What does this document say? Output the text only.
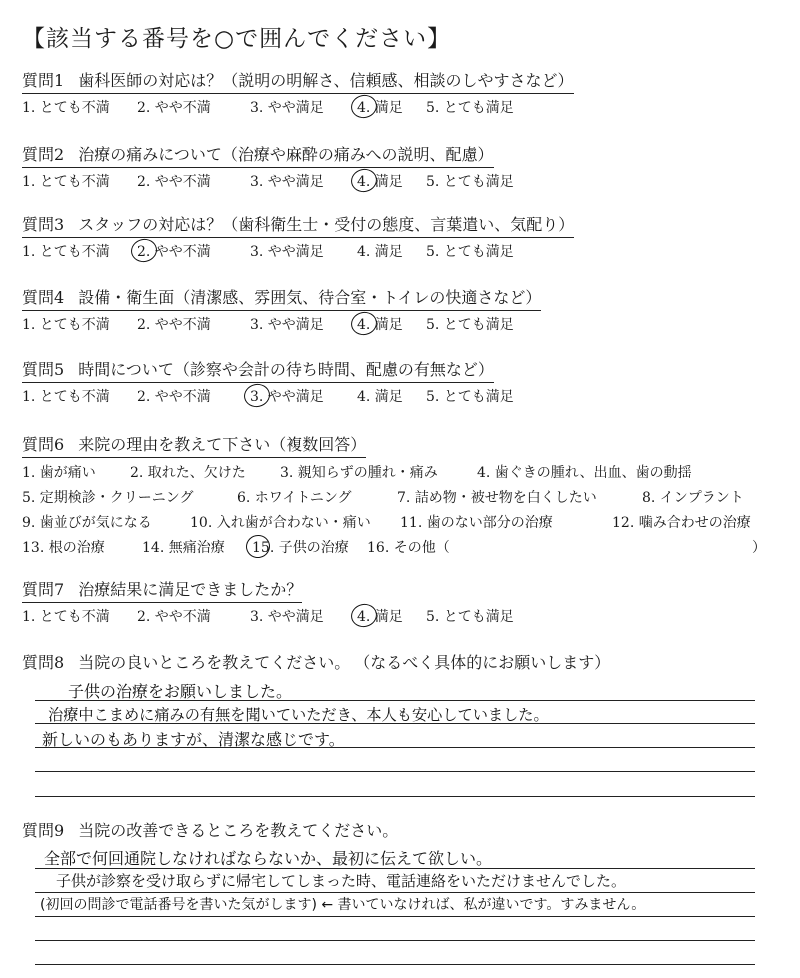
【該当する番号を○で囲んでください】
質問1 歯科医師の対応は？（説明の明解さ、信頼感、相談のしやすさなど）
1. とても不満 2. やや不満	3. やや満足 4. 満足 5. とても満足
質問2 治療の痛みについて（治療や麻酔の痛みへの説明、配慮）
1. とても不満 2. やや不満	3. やや満足 4. 満足 5. とても満足
質問3 スタッフの対応は？（歯科衛生士・受付の態度、言葉遣い、気配り）
1. とても不満 2. やや不満	3. やや満足 4. 満足 5. とても満足
質問4 設備・衛生面（清潔感、雰囲気、待合室・トイレの快適さなど）
1. とても不満 2. やや不満	3. やや満足 4. 満足 5. とても満足
質問5 時間について（診察や会計の待ち時間、配慮の有無など）
1. とても不満 2. やや不満	3. やや満足 4. 満足 5. とても満足
質問6 来院の理由を教えて下さい（複数回答）
1. 歯が痛い 2. 取れた、欠けた 3. 親知らずの腫れ・痛み	4. 歯ぐきの腫れ、出血、歯の動揺
5. 定期検診・クリーニング	6. ホワイトニング	7. 詰め物・被せ物を白くしたい	8. インプラント
9. 歯並びが気になる	10. 入れ歯が合わない・痛い 11. 歯のない部分の治療	12. 噛み合わせの治療
13. 根の治療	14. 無痛治療 15. 子供の治療 16. その他（	）
質問7 治療結果に満足できましたか？
1. とても不満 2. やや不満	3. やや満足 4. 満足 5. とても満足
質問8 当院の良いところを教えてください。 （なるべく具体的にお願いします）
子供の治療をお願いしました。
治療中こまめに痛みの有無を聞いていただき、本人も安心していました。
新しいのもありますが、清潔な感じです。
質問9 当院の改善できるところを教えてください。
全部で何回通院しなければならないか、最初に伝えて欲しい。
子供が診察を受け取らずに帰宅してしまった時、電話連絡をいただけませんでした。
(初回の問診で電話番号を書いた気がします) ← 書いていなければ、私が違いです。すみません。
